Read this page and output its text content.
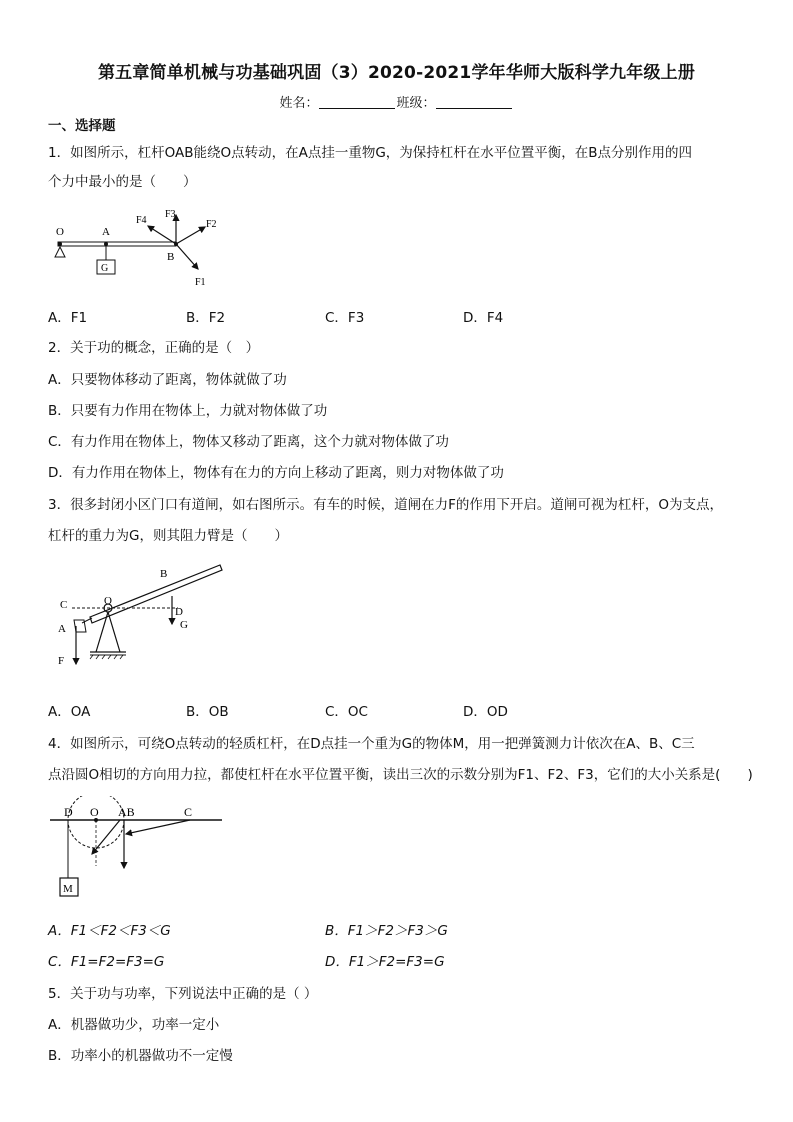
第五章简单机械与功基础巩固（3）2020-2021学年华师大版科学九年级上册
姓名：	班级：
一、选择题
1．如图所示，杠杆OAB能绕O点转动，在A点挂一重物G，为保持杠杆在水平位置平衡，在B点分别作用的四
个力中最小的是（　　）
O	A
B
G
F1
F2
F3
F4
A．F1	B．F2	C．F3	D．F4
2．关于功的概念，正确的是（　）
A．只要物体移动了距离，物体就做了功
B．只要有力作用在物体上，力就对物体做了功
C．有力作用在物体上，物体又移动了距离，这个力就对物体做了功
D．有力作用在物体上，物体有在力的方向上移动了距离，则力对物体做了功
3．很多封闭小区门口有道闸，如右图所示。有车的时候，道闸在力F的作用下开启。道闸可视为杠杆，O为支点，
杠杆的重力为G，则其阻力臂是（　　）
B
C	O
D
A	G
F
A．OA	B．OB	C．OC	D．OD
4．如图所示，可绕O点转动的轻质杠杆，在D点挂一个重为G的物体M，用一把弹簧测力计依次在A、B、C三
点沿圆O相切的方向用力拉，都使杠杆在水平位置平衡，读出三次的示数分别为F1、F2、F3，它们的大小关系是(　　)
D O AB	C
M
A．F1＜F2＜F3＜G	B．F1＞F2＞F3＞G
C．F1=F2=F3=G	D．F1＞F2=F3=G
5．关于功与功率，下列说法中正确的是（ ）
A．机器做功少，功率一定小
B．功率小的机器做功不一定慢
